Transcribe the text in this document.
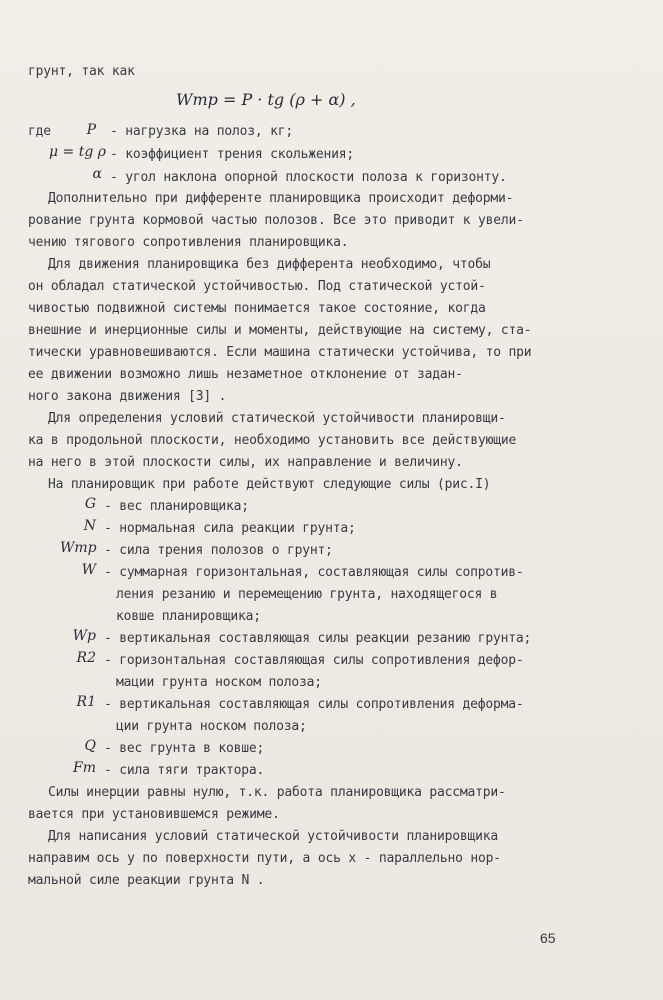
грунт, так как
Wтр = P · tg (ρ + α) ,
где	P - нагрузка на полоз, кг;
μ = tg ρ - коэффициент трения скольжения;
α - угол наклона опорной плоскости полоза к горизонту.
Дополнительно при дифференте планировщика происходит деформи-
рование грунта кормовой частью полозов. Все это приводит к увели-
чению тягового сопротивления планировщика.
Для движения планировщика без дифферента необходимо, чтобы
он обладал статической устойчивостью. Под статической устой-
чивостью подвижной системы понимается такое состояние, когда
внешние и инерционные силы и моменты, действующие на систему, ста-
тически уравновешиваются. Если машина статически устойчива, то при
ее движении возможно лишь незаметное отклонение от задан-
ного закона движения [3] .
Для определения условий статической устойчивости планировщи-
ка в продольной плоскости, необходимо установить все действующие
на него в этой плоскости силы, их направление и величину.
На планировщик при работе действуют следующие силы (рис.I)
G - вес планировщика;
N - нормальная сила реакции грунта;
Wтр - сила трения полозов о грунт;
W - суммарная горизонтальная, составляющая силы сопротив-
ления резанию и перемещению грунта, находящегося в
ковше планировщика;
Wр - вертикальная составляющая силы реакции резанию грунта;
R2 - горизонтальная составляющая силы сопротивления дефор-
мации грунта носком полоза;
R1 - вертикальная составляющая силы сопротивления деформа-
ции грунта носком полоза;
Q - вес грунта в ковше;
Fт - сила тяги трактора.
Силы инерции равны нулю, т.к. работа планировщика рассматри-
вается при установившемся режиме.
Для написания условий статической устойчивости планировщика
направим ось y по поверхности пути, а ось x - параллельно нор-
мальной силе реакции грунта N .
65
